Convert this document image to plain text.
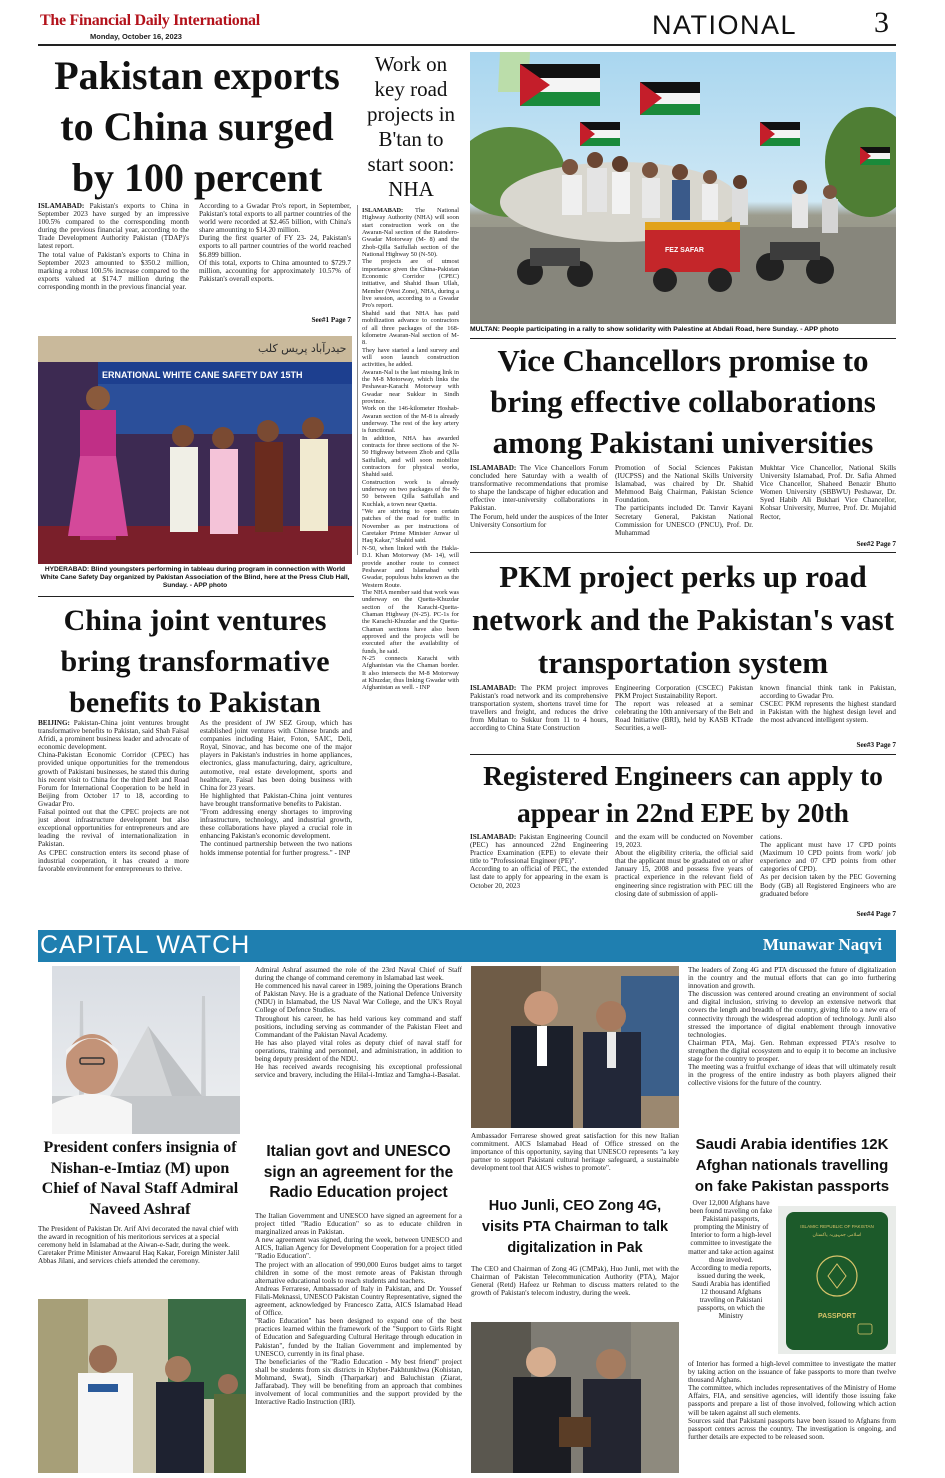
The Financial Daily International
Monday, October 16, 2023	NATIONAL	3
Pakistan exports to China surged by 100 percent
ISLAMABAD: Pakistan's exports to China in September 2023 have surged by an impressive 100.5% compared to the corresponding month during the previous financial year, according to the Trade Development Authority Pakistan (TDAP)'s latest report.
The total value of Pakistan's exports to China in September 2023 amounted to $350.2 million, marking a robust 100.5% increase compared to the exports valued at $174.7 million during the corresponding month in the previous financial year.
According to a Gwadar Pro's report, in September, Pakistan's total exports to all partner countries of the world were recorded at $2.465 billion, with China's share amounting to $14.20 million.
During the first quarter of FY 23- 24, Pakistan's exports to all partner countries of the world reached $6.899 billion.
Of this total, exports to China amounted to $729.7 million, accounting for approximately 10.57% of Pakistan's overall exports.
See#1 Page 7
Work on key road projects in B'tan to start soon: NHA
ISLAMABAD: The National Highway Authority (NHA) will soon start construction work on the Awaran-Nal section of the Ratodero-Gwadar Motorway (M- 8) and the Zhob-Qilla Saifullah section of the National Highway 50 (N-50).
The projects are of utmost importance given the China-Pakistan Economic Corridor (CPEC) initiative, and Shahid Ihsan Ullah, Member (West Zone), NHA, during a live session, according to a Gwadar Pro's report.
Shahid said that NHA has paid mobilization advance to contractors of all three packages of the 168-kilometre Awaran-Nal section of M- 8.
They have started a land survey and will soon launch construction activities, he added.
Awaran-Nal is the last missing link in the M-8 Motorway, which links the Peshawar-Karachi Motorway with Gwadar near Sukkur in Sindh province.
Work on the 146-kilometer Hoshab-Awaran section of the M-8 is already underway. The rest of the key artery is functional.
In addition, NHA has awarded contracts for three sections of the N- 50 Highway between Zhob and Qilla Saifullah, and will soon mobilize contractors for physical works, Shahid said.
Construction work is already underway on two packages of the N-50 between Qilla Saifullah and Kuchlak, a town near Quetta.
"We are striving to open certain patches of the road for traffic in November as per instructions of Caretaker Prime Minister Anwar ul Haq Kakar," Shahid said.
N-50, when linked with the Hakla-D.I. Khan Motorway (M- 14), will provide another route to connect Peshawar and Islamabad with Gwadar, populous hubs known as the Western Route.
The NHA member said that work was underway on the Quetta-Khuzdar section of the Karachi-Quetta-Chaman Highway (N-25). PC-1s for the Karachi-Khuzdar and the Quetta-Chaman sections have also been approved and the projects will be executed after the availability of funds, he said.
N-25 connects Karachi with Afghanistan via the Chaman border. It also intersects the M-8 Motorway at Khuzdar, thus linking Gwadar with Afghanistan as well. - INP
FEZ SAFAR
MULTAN: People participating in a rally to show solidarity with Palestine at Abdali Road, here Sunday. - APP photo
حیدرآباد پریس کلب
ERNATIONAL WHITE CANE SAFETY DAY 15TH
HYDERABAD: Blind youngsters performing in tableau during program in connection with World White Cane Safety Day organized by Pakistan Association of the Blind, here at the Press Club Hall, Sunday. - APP photo
Vice Chancellors promise to bring effective collaborations among Pakistani universities
ISLAMABAD: The Vice Chancellors Forum concluded here Saturday with a wealth of transformative recommendations that promise to shape the landscape of higher education and effective inter-university collaborations in Pakistan.
The Forum, held under the auspices of the Inter University Consortium for
Promotion of Social Sciences Pakistan (IUCPSS) and the National Skills University Islamabad, was chaired by Dr. Shahid Mehmood Baig Chairman, Pakistan Science Foundation.
The participants included Dr. Tanvir Kayani Secretary General, Pakistan National Commission for UNESCO (PNCU), Prof. Dr. Muhammad
Mukhtar Vice Chancellor, National Skills University Islamabad, Prof. Dr. Safia Ahmed Vice Chancellor, Shaheed Benazir Bhutto Women University (SBBWU) Peshawar, Dr. Syed Habib Ali Bukhari Vice Chancellor, Kohsar University, Murree, Prof. Dr. Mujahid Rector,
See#2 Page 7
China joint ventures bring transformative benefits to Pakistan
BEIJING: Pakistan-China joint ventures brought transformative benefits to Pakistan, said Shah Faisal Afridi, a prominent business leader and advocate of economic development.
China-Pakistan Economic Corridor (CPEC) has provided unique opportunities for the tremendous growth of Pakistani businesses, he stated this during his recent visit to China for the third Belt and Road Forum for International Cooperation to be held in Beijing from October 17 to 18, according to Gwadar Pro.
Faisal pointed out that the CPEC projects are not just about infrastructure development but also exceptional opportunities for entrepreneurs and are leading the revival of internationalization in Pakistan.
As CPEC construction enters its second phase of industrial cooperation, it has created a more favorable environment for entrepreneurs to thrive.
As the president of JW SEZ Group, which has established joint ventures with Chinese brands and companies including Haier, Foton, SAIC, Deli, Royal, Sinovac, and has become one of the major players in Pakistan's industries in home appliances, electronics, glass manufacturing, dairy, agriculture, automotive, real estate development, sports and healthcare, Faisal has been doing business with China for 23 years.
He highlighted that Pakistan-China joint ventures have brought transformative benefits to Pakistan.
"From addressing energy shortages to improving infrastructure, technology, and industrial growth, these collaborations have played a crucial role in enhancing Pakistan's economic development.
The continued partnership between the two nations holds immense potential for further progress." - INP
PKM project perks up road network and the Pakistan's vast transportation system
ISLAMABAD: The PKM project improves Pakistan's road network and its comprehensive transportation system, shortens travel time for travellers and freight, and reduces the drive from Multan to Sukkur from 11 to 4 hours, according to China State Construction
Engineering Corporation (CSCEC) Pakistan PKM Project Sustainability Report.
The report was released at a seminar celebrating the 10th anniversary of the Belt and Road Initiative (BRI), held by KASB KTrade Securities, a well-
known financial think tank in Pakistan, according to Gwadar Pro.
CSCEC PKM represents the highest standard in Pakistan with the highest design level and the most advanced intelligent system.
See#3 Page 7
Registered Engineers can apply to appear in 22nd EPE by 20th
ISLAMABAD: Pakistan Engineering Council (PEC) has announced 22nd Engineering Practice Examination (EPE) to elevate their title to "Professional Engineer (PE)".
According to an official of PEC, the extended last date to apply for appearing in the exam is October 20, 2023
and the exam will be conducted on November 19, 2023.
About the eligibility criteria, the official said that the applicant must be graduated on or after January 15, 2008 and possess five years of practical experience in the relevant field of engineering since registration with PEC till the closing date of submission of appli-
cations.
The applicant must have 17 CPD points (Maximum 10 CPD points from work/ job experience and 07 CPD points from other categories of CPD).
As per decision taken by the PEC Governing Body (GB) all Registered Engineers who are graduated before
See#4 Page 7
CAPITAL WATCH	Munawar Naqvi
President confers insignia of Nishan-e-Imtiaz (M) upon Chief of Naval Staff Admiral Naveed Ashraf
The President of Pakistan Dr. Arif Alvi decorated the naval chief with the award in recognition of his meritorious services at a special ceremony held in Islamabad at the Aiwan-e-Sadr, during the week.
Caretaker Prime Minister Anwaarul Haq Kakar, Foreign Minister Jalil Abbas Jilani, and services chiefs attended the ceremony.
Admiral Ashraf assumed the role of the 23rd Naval Chief of Staff during the change of command ceremony in Islamabad last week.
He commenced his naval career in 1989, joining the Operations Branch of Pakistan Navy. He is a graduate of the National Defence University (NDU) in Islamabad, the US Naval War College, and the UK's Royal College of Defence Studies.
Throughout his career, he has held various key command and staff positions, including serving as commander of the Pakistan Fleet and Commandant of the Pakistan Naval Academy.
He has also played vital roles as deputy chief of naval staff for operations, training and personnel, and administration, in addition to being deputy president of the NDU.
He has received awards recognising his exceptional professional service and bravery, including the Hilal-i-Imtiaz and Tamgha-i-Basalat.
Italian govt and UNESCO sign an agreement for the Radio Education project
The Italian Government and UNESCO have signed an agreement for a project titled "Radio Education" so as to educate children in marginalized areas in Pakistan.
A new agreement was signed, during the week, between UNESCO and AICS, Italian Agency for Development Cooperation for a project titled "Radio Education".
The project with an allocation of 990,000 Euros budget aims to target children in some of the most remote areas of Pakistan through alternative educational tools to reach students and teachers.
Andreas Ferrarese, Ambassador of Italy in Pakistan, and Dr. Youssef Filali-Meknassi, UNESCO Pakistan Country Representative, signed the agreement, acknowledged by Francesco Zatta, AICS Islamabad Head of Office.
"Radio Education" has been designed to expand one of the best practices learned within the framework of the "Support to Girls Right of Education and Safeguarding Cultural Heritage through education in Pakistan", funded by the Italian Government and implemented by UNESCO, currently in its final phase.
The beneficiaries of the "Radio Education - My best friend" project shall be students from six districts in Khyber-Pakhtunkhwa (Kohistan, Mohmand, Swat), Sindh (Tharparkar) and Baluchistan (Ziarat, Jaffarabad). They will be benefiting from an approach that combines involvement of local communities and the support provided by the Interactive Radio Instruction (IRI).
Ambassador Ferrarese showed great satisfaction for this new Italian commitment. AICS Islamabad Head of Office stressed on the importance of this opportunity, saying that UNESCO represents "a key partner to support Pakistani cultural heritage safeguard, a sustainable development tool that AICS wishes to promote".
Huo Junli, CEO Zong 4G, visits PTA Chairman to talk digitalization in Pak
The CEO and Chairman of Zong 4G (CMPak), Huo Junli, met with the Chairman of Pakistan Telecommunication Authority (PTA), Major General (Retd) Hafeez ur Rehman to discuss matters related to the growth of Pakistan's telecom industry, during the week.
The leaders of Zong 4G and PTA discussed the future of digitalization in the country and the mutual efforts that can go into furthering innovation and growth.
The discussion was centered around creating an environment of social and digital inclusion, striving to develop an extensive network that covers the length and breadth of the country, giving life to a new era of connectivity through the widespread adoption of technology. Junli also stressed the importance of digital enablement through innovative technologies.
Chairman PTA, Maj. Gen. Rehman expressed PTA's resolve to strengthen the digital ecosystem and to equip it to become an inclusive stage for the country to prosper.
The meeting was a fruitful exchange of ideas that will ultimately result in the progress of the entire industry as both players aligned their collective visions for the future of the country.
Saudi Arabia identifies 12K Afghan nationals travelling on fake Pakistan passports
Over 12,000 Afghans have been found traveling on fake Pakistani passports, prompting the Ministry of Interior to form a high-level committee to investigate the matter and take action against those involved.
According to media reports, issued during the week, Saudi Arabia has identified 12 thousand Afghans traveling on Pakistani passports, on which the Ministry
ISLAMIC REPUBLIC OF PAKISTAN
اسلامی جمہوریہ پاکستان
PASSPORT
of Interior has formed a high-level committee to investigate the matter by taking action on the issuance of fake passports to more than twelve thousand Afghans.
The committee, which includes representatives of the Ministry of Home Affairs, FIA, and sensitive agencies, will identify those issuing fake passports and prepare a list of those involved, following which action will be taken against all such elements.
Sources said that Pakistani passports have been issued to Afghans from passport centers across the country. The investigation is ongoing, and further details are expected to be released soon.
